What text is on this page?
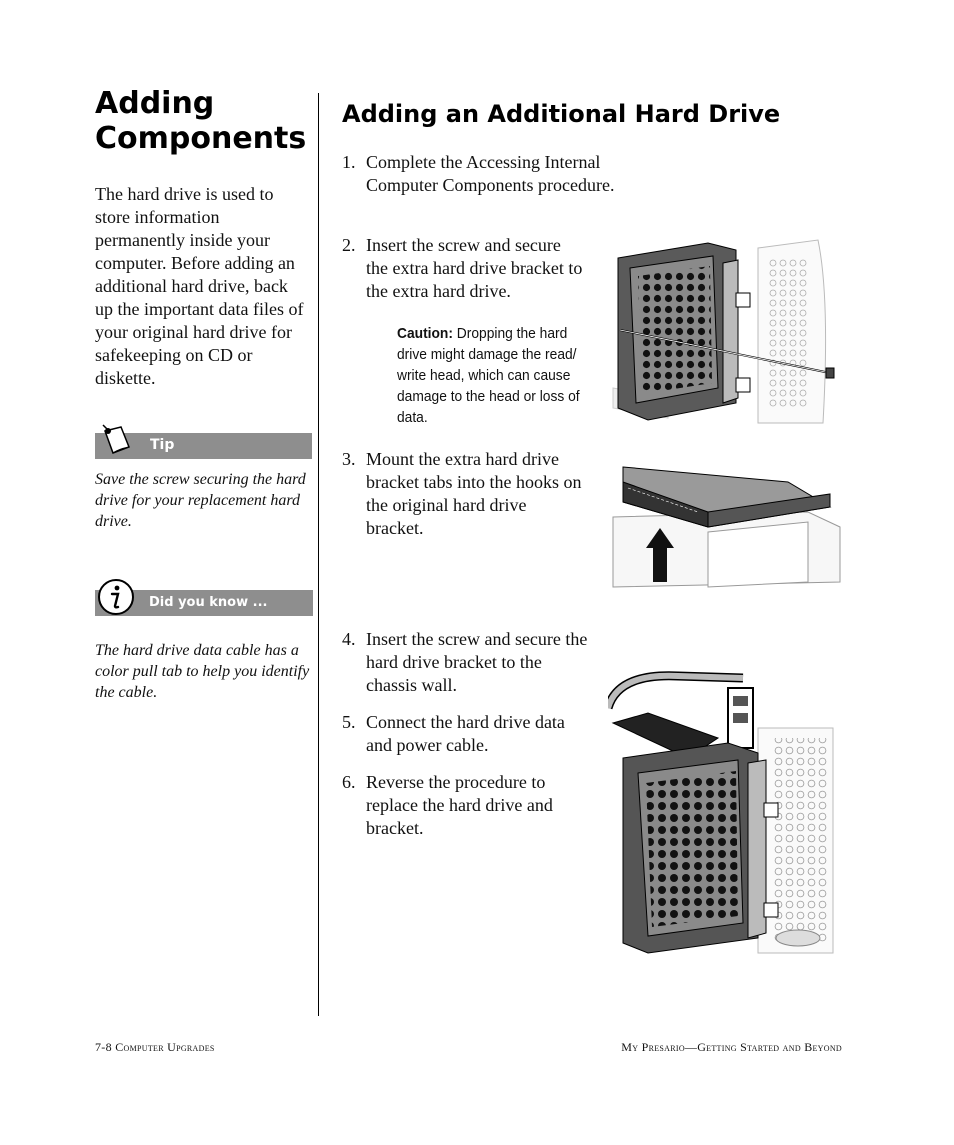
Adding
Components
The hard drive is used to store information permanently inside your computer. Before adding an additional hard drive, back up the important data files of your original hard drive for safekeeping on CD or diskette.
Tip
Save the screw securing the hard drive for your replacement hard drive.
Did you know ...
The hard drive data cable has a color pull tab to help you identify the cable.
Adding an Additional Hard Drive
1. Complete the Accessing Internal Computer Components procedure.
2. Insert the screw and secure the extra hard drive bracket to the extra hard drive.
Caution: Dropping the hard drive might damage the read/ write head, which can cause damage to the head or loss of data.
3. Mount the extra hard drive bracket tabs into the hooks on the original hard drive bracket.
4. Insert the screw and secure the hard drive bracket to the chassis wall.
5. Connect the hard drive data and power cable.
6. Reverse the procedure to replace the hard drive and bracket.
7-8 Computer Upgrades	My Presario—Getting Started and Beyond
